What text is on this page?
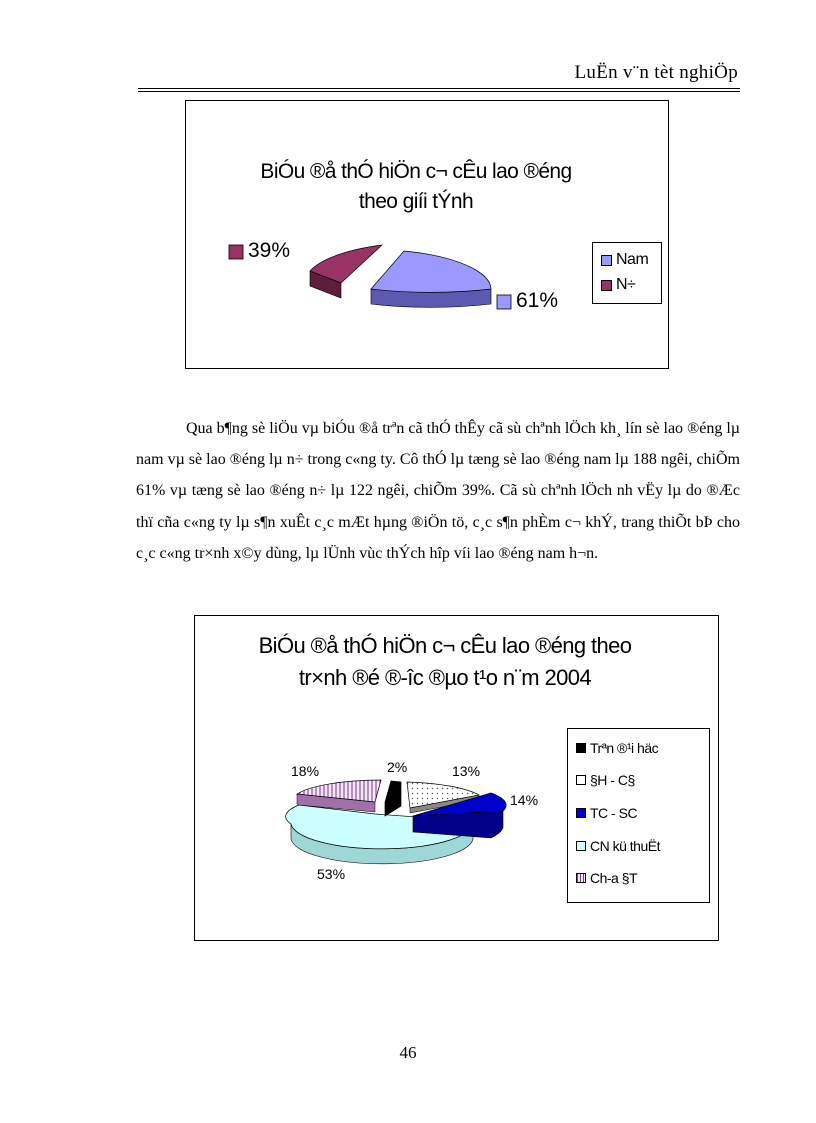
LuËn v¨n tèt nghiÖp
BiÓu ®å thÓ hiÖn c¬ cÊu lao ®éng
theo giíi tÝnh
39%
61%
Nam
N÷

Qua b¶ng sè liÖu vµ biÓu ®å trªn cã thÓ thÊy cã sù chªnh lÖch kh¸ lín sè lao ®éng lµ nam vµ sè lao ®éng lµ n÷ trong c«ng ty. Cô thÓ lµ tæng sè lao ®éng nam lµ 188 ngêi, chiÕm 61% vµ tæng sè lao ®éng n÷ lµ 122 ngêi, chiÕm 39%. Cã sù chªnh lÖch nh vËy lµ do ®Æc thï cña c«ng ty lµ s¶n xuÊt c¸c mÆt hµng ®iÖn tö, c¸c s¶n phÈm c¬ khÝ, trang thiÕt bÞ cho c¸c c«ng tr×nh x©y dùng, lµ lÜnh vùc thÝch hîp víi lao ®éng nam h¬n.

BiÓu ®å thÓ hiÖn c¬ cÊu lao ®éng theo
tr×nh ®é ®-îc ®µo t¹o n¨m 2004
18%	2%	13%
14%
53%
Trªn ®¹i häc
§H - C§
TC - SC
CN kü thuËt
Ch-a §T
46
